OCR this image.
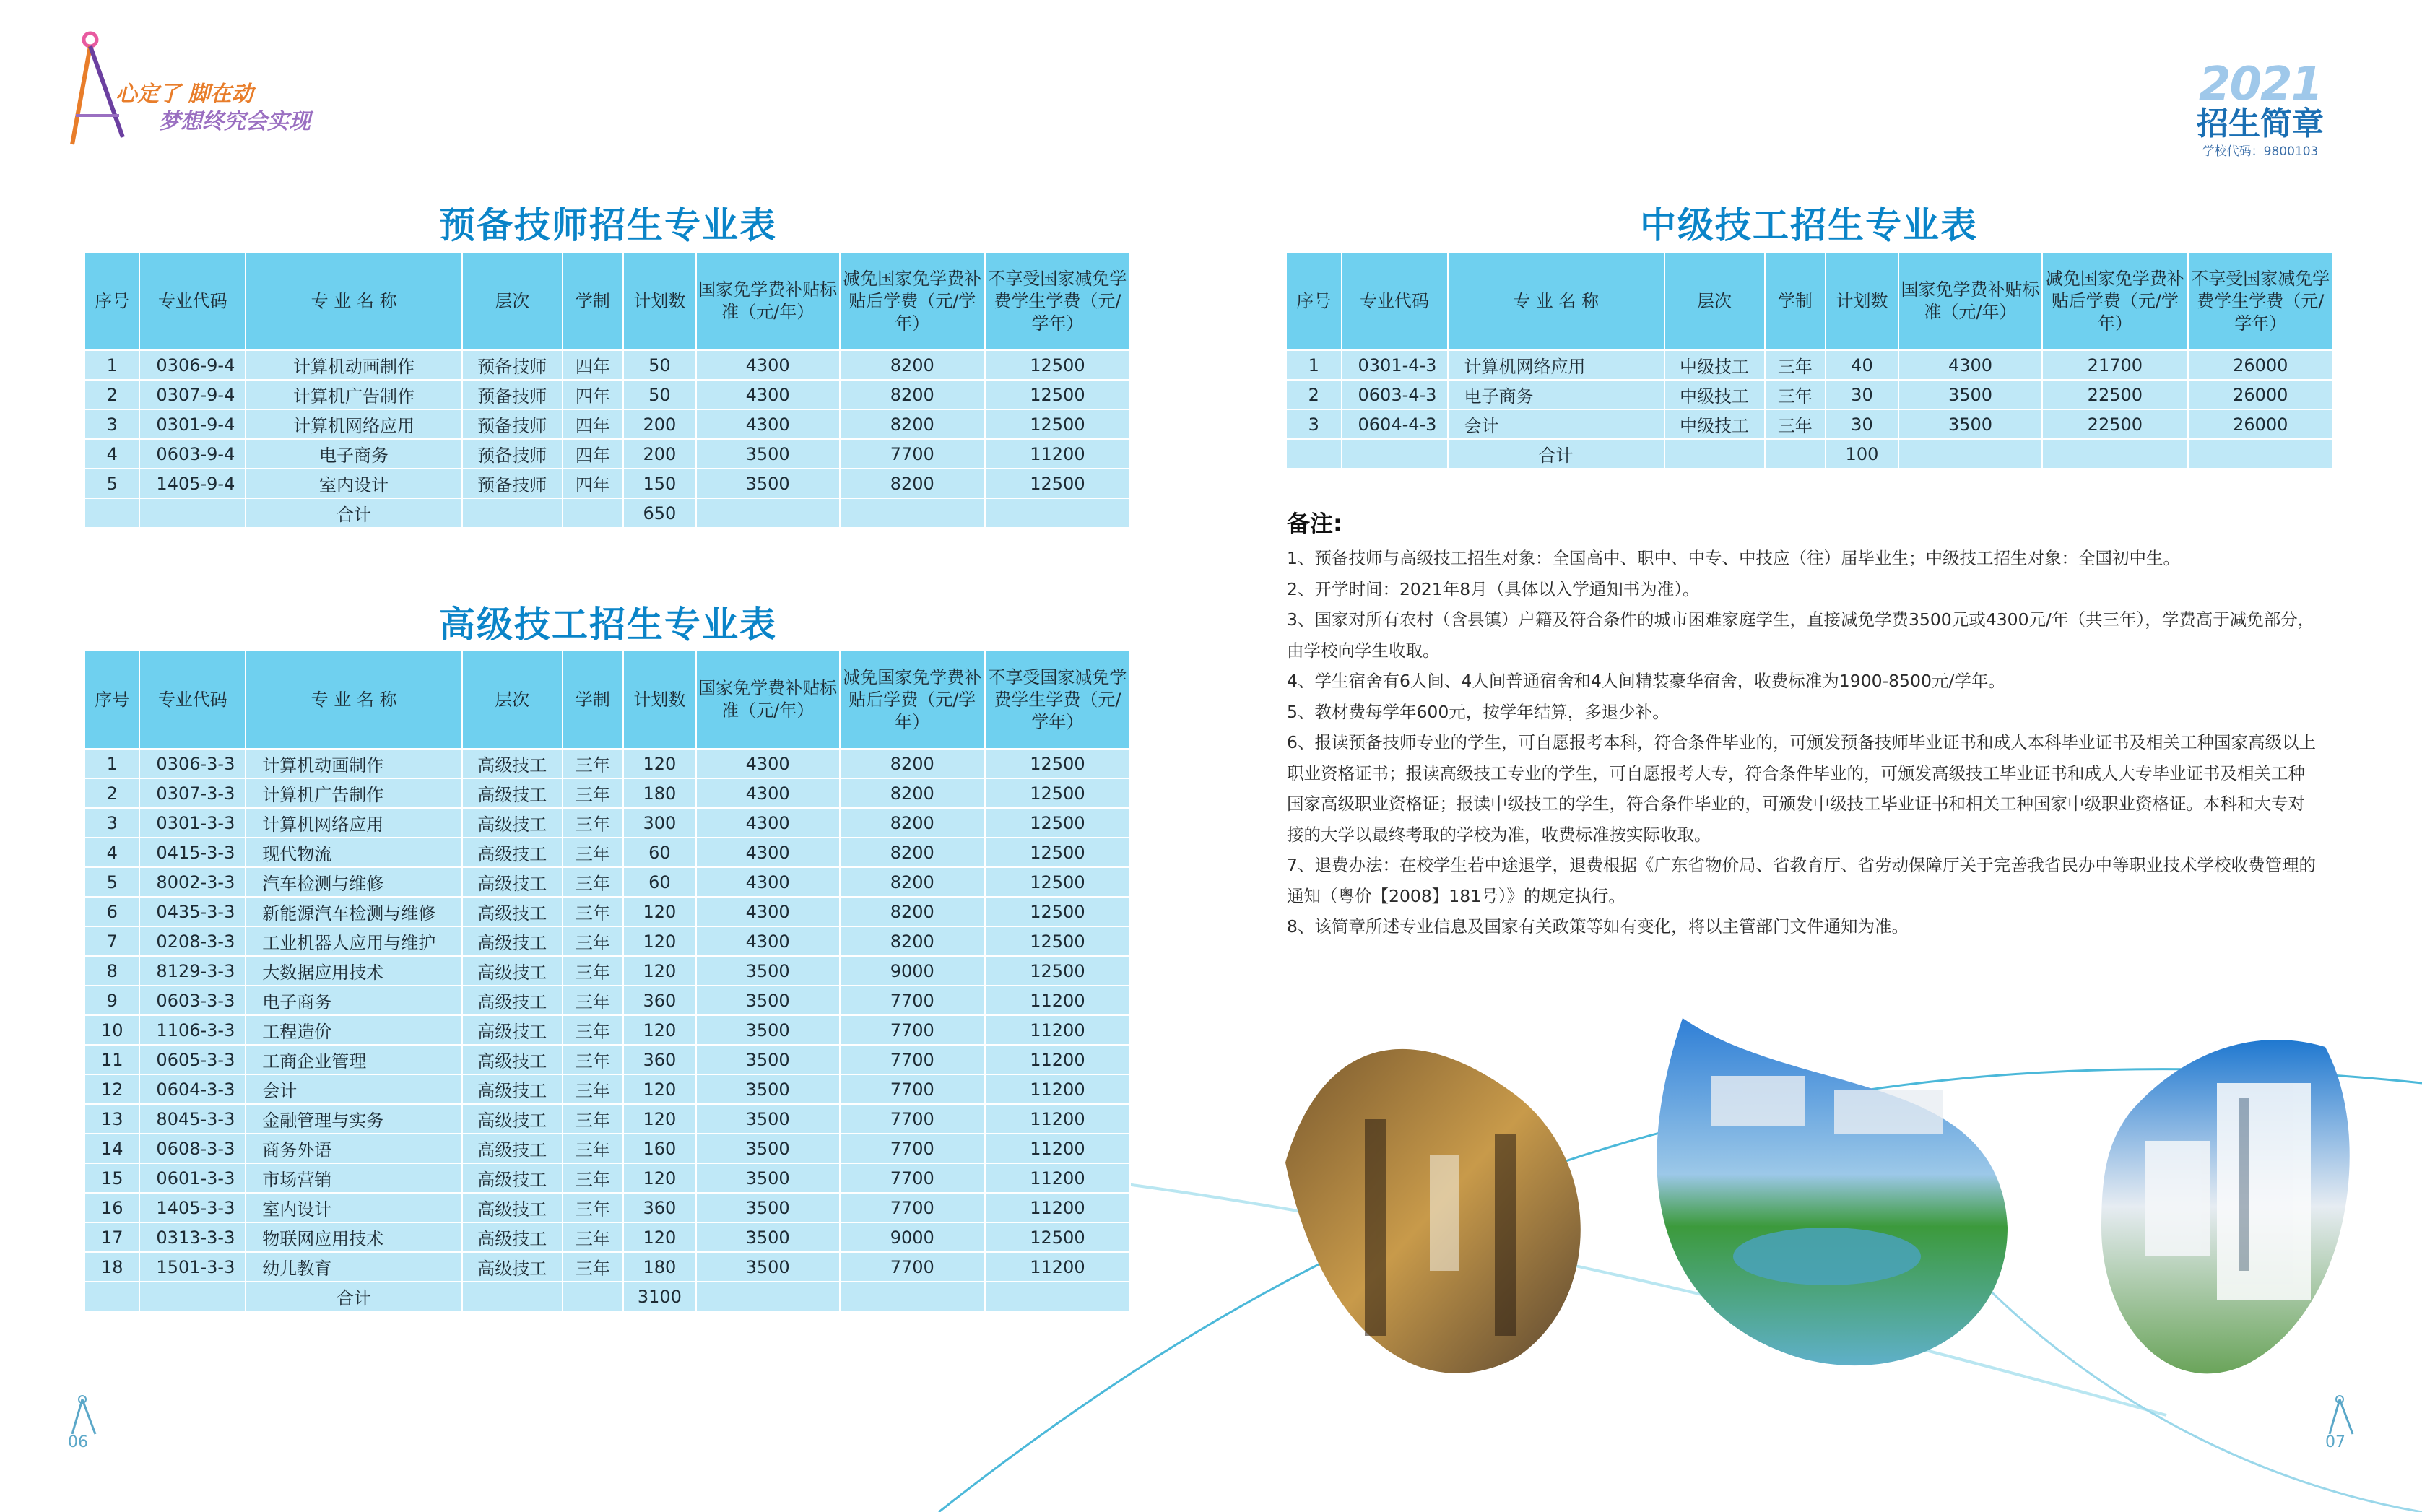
心定了 脚在动
梦想终究会实现
2021
招生简章
学校代码：9800103
预备技师招生专业表
序号	专业代码	专 业 名 称	层次	学制	计划数	国家免学费补贴标准（元/年）	减免国家免学费补贴后学费（元/学年）	不享受国家减免学费学生学费（元/学年）
1	0306-9-4	计算机动画制作	预备技师	四年	50	4300	8200	12500
2	0307-9-4	计算机广告制作	预备技师	四年	50	4300	8200	12500
3	0301-9-4	计算机网络应用	预备技师	四年	200	4300	8200	12500
4	0603-9-4	电子商务	预备技师	四年	200	3500	7700	11200
5	1405-9-4	室内设计	预备技师	四年	150	3500	8200	12500
		合计			650			
高级技工招生专业表
序号	专业代码	专 业 名 称	层次	学制	计划数	国家免学费补贴标准（元/年）	减免国家免学费补贴后学费（元/学年）	不享受国家减免学费学生学费（元/学年）
1	0306-3-3	计算机动画制作	高级技工	三年	120	4300	8200	12500
2	0307-3-3	计算机广告制作	高级技工	三年	180	4300	8200	12500
3	0301-3-3	计算机网络应用	高级技工	三年	300	4300	8200	12500
4	0415-3-3	现代物流	高级技工	三年	60	4300	8200	12500
5	8002-3-3	汽车检测与维修	高级技工	三年	60	4300	8200	12500
6	0435-3-3	新能源汽车检测与维修	高级技工	三年	120	4300	8200	12500
7	0208-3-3	工业机器人应用与维护	高级技工	三年	120	4300	8200	12500
8	8129-3-3	大数据应用技术	高级技工	三年	120	3500	9000	12500
9	0603-3-3	电子商务	高级技工	三年	360	3500	7700	11200
10	1106-3-3	工程造价	高级技工	三年	120	3500	7700	11200
11	0605-3-3	工商企业管理	高级技工	三年	360	3500	7700	11200
12	0604-3-3	会计	高级技工	三年	120	3500	7700	11200
13	8045-3-3	金融管理与实务	高级技工	三年	120	3500	7700	11200
14	0608-3-3	商务外语	高级技工	三年	160	3500	7700	11200
15	0601-3-3	市场营销	高级技工	三年	120	3500	7700	11200
16	1405-3-3	室内设计	高级技工	三年	360	3500	7700	11200
17	0313-3-3	物联网应用技术	高级技工	三年	120	3500	9000	12500
18	1501-3-3	幼儿教育	高级技工	三年	180	3500	7700	11200
		合计			3100			
中级技工招生专业表
序号	专业代码	专 业 名 称	层次	学制	计划数	国家免学费补贴标准（元/年）	减免国家免学费补贴后学费（元/学年）	不享受国家减免学费学生学费（元/学年）
1	0301-4-3	计算机网络应用	中级技工	三年	40	4300	21700	26000
2	0603-4-3	电子商务	中级技工	三年	30	3500	22500	26000
3	0604-4-3	会计	中级技工	三年	30	3500	22500	26000
		合计			100			
备注:

1、预备技师与高级技工招生对象：全国高中、职中、中专、中技应（往）届毕业生；中级技工招生对象：全国初中生。

2、开学时间：2021年8月（具体以入学通知书为准）。

3、国家对所有农村（含县镇）户籍及符合条件的城市困难家庭学生，直接减免学费3500元或4300元/年（共三年），学费高于减免部分，由学校向学生收取。

4、学生宿舍有6人间、4人间普通宿舍和4人间精装豪华宿舍，收费标准为1900-8500元/学年。

5、教材费每学年600元，按学年结算，多退少补。

6、报读预备技师专业的学生，可自愿报考本科，符合条件毕业的，可颁发预备技师毕业证书和成人本科毕业证书及相关工种国家高级以上职业资格证书；报读高级技工专业的学生，可自愿报考大专，符合条件毕业的，可颁发高级技工毕业证书和成人大专毕业证书及相关工种国家高级职业资格证；报读中级技工的学生，符合条件毕业的，可颁发中级技工毕业证书和相关工种国家中级职业资格证。本科和大专对接的大学以最终考取的学校为准，收费标准按实际收取。

7、退费办法：在校学生若中途退学，退费根据《广东省物价局、省教育厅、省劳动保障厅关于完善我省民办中等职业技术学校收费管理的通知（粤价【2008】181号）》的规定执行。

8、该简章所述专业信息及国家有关政策等如有变化，将以主管部门文件通知为准。

06	07
